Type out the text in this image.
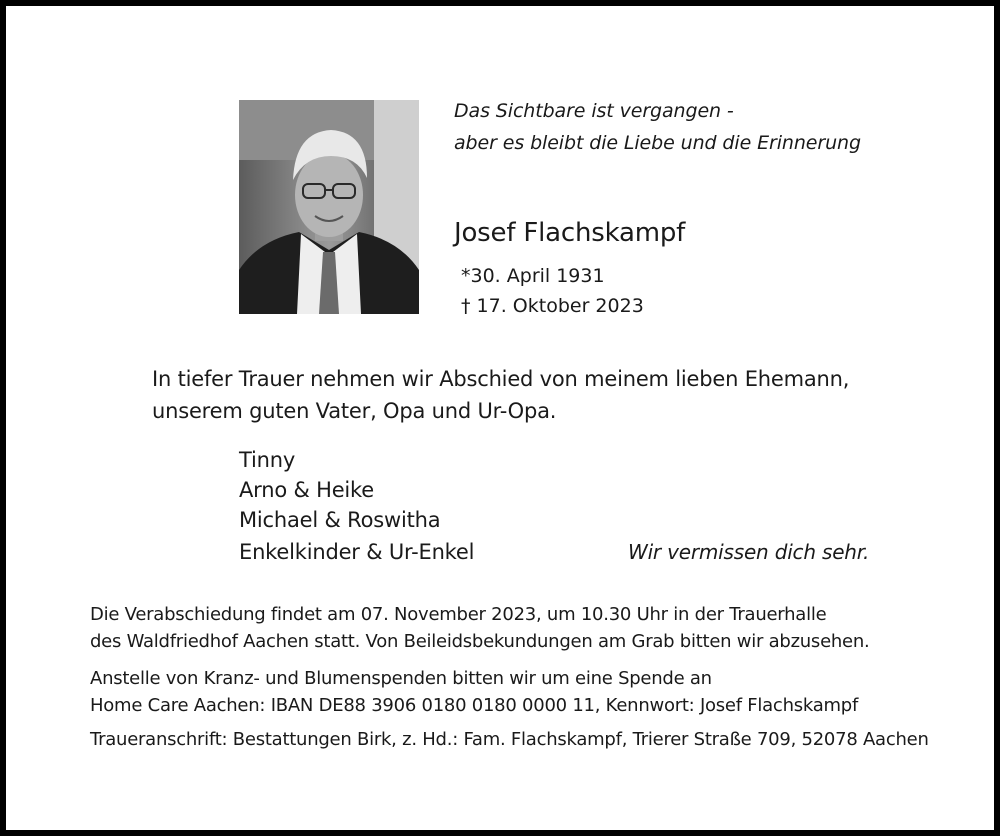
Das Sichtbare ist vergangen -
aber es bleibt die Liebe und die Erinnerung
Josef Flachskampf
*30. April 1931
† 17. Oktober 2023
In tiefer Trauer nehmen wir Abschied von meinem lieben Ehemann,
unserem guten Vater, Opa und Ur-Opa.
Tinny
Arno & Heike
Michael & Roswitha
Enkelkinder & Ur-Enkel	Wir vermissen dich sehr.
Die Verabschiedung findet am 07. November 2023, um 10.30 Uhr in der Trauerhalle
des Waldfriedhof Aachen statt. Von Beileidsbekundungen am Grab bitten wir abzusehen.
Anstelle von Kranz- und Blumenspenden bitten wir um eine Spende an
Home Care Aachen: IBAN DE88 3906 0180 0180 0000 11, Kennwort: Josef Flachskampf
Traueranschrift: Bestattungen Birk, z. Hd.: Fam. Flachskampf, Trierer Straße 709, 52078 Aachen
